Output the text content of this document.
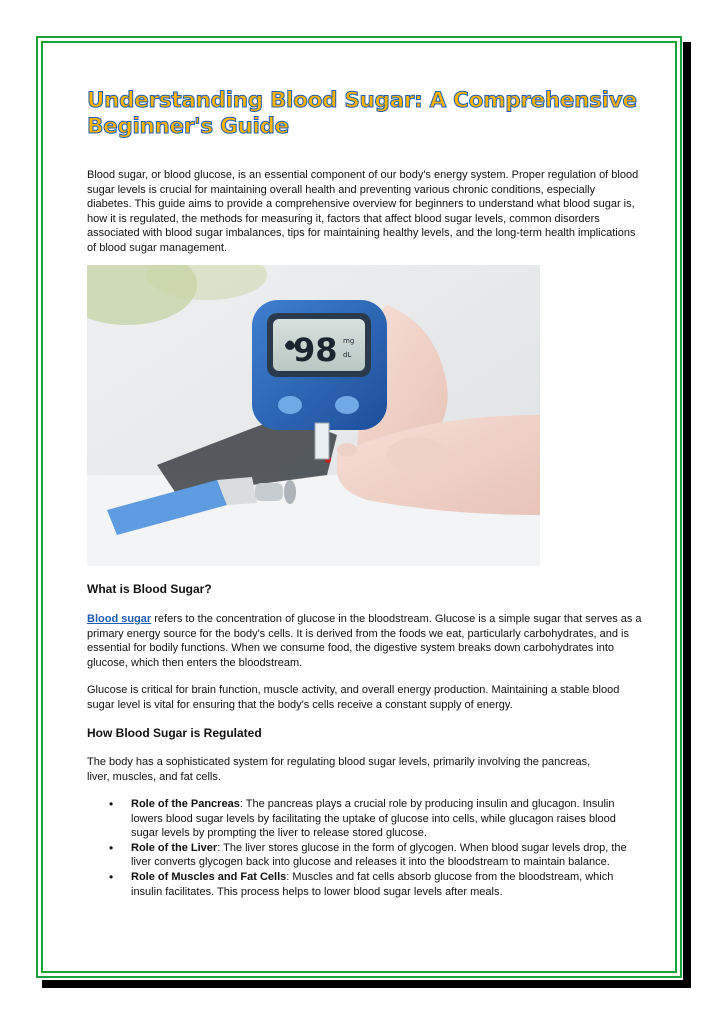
Understanding Blood Sugar: A Comprehensive
Beginner's Guide

Blood sugar, or blood glucose, is an essential component of our body's energy system. Proper regulation of blood sugar levels is crucial for maintaining overall health and preventing various chronic conditions, especially diabetes. This guide aims to provide a comprehensive overview for beginners to understand what blood sugar is, how it is regulated, the methods for measuring it, factors that affect blood sugar levels, common disorders associated with blood sugar imbalances, tips for maintaining healthy levels, and the long-term health implications of blood sugar management.

98 mg
dL
What is Blood Sugar?

Blood sugar refers to the concentration of glucose in the bloodstream. Glucose is a simple sugar that serves as a primary energy source for the body's cells. It is derived from the foods we eat, particularly carbohydrates, and is essential for bodily functions. When we consume food, the digestive system breaks down carbohydrates into glucose, which then enters the bloodstream.

Glucose is critical for brain function, muscle activity, and overall energy production. Maintaining a stable blood sugar level is vital for ensuring that the body's cells receive a constant supply of energy.

How Blood Sugar is Regulated

The body has a sophisticated system for regulating blood sugar levels, primarily involving the pancreas, liver, muscles, and fat cells.

• Role of the Pancreas: The pancreas plays a crucial role by producing insulin and glucagon. Insulin lowers blood sugar levels by facilitating the uptake of glucose into cells, while glucagon raises blood sugar levels by prompting the liver to release stored glucose.
• Role of the Liver: The liver stores glucose in the form of glycogen. When blood sugar levels drop, the liver converts glycogen back into glucose and releases it into the bloodstream to maintain balance.
• Role of Muscles and Fat Cells: Muscles and fat cells absorb glucose from the bloodstream, which insulin facilitates. This process helps to lower blood sugar levels after meals.
